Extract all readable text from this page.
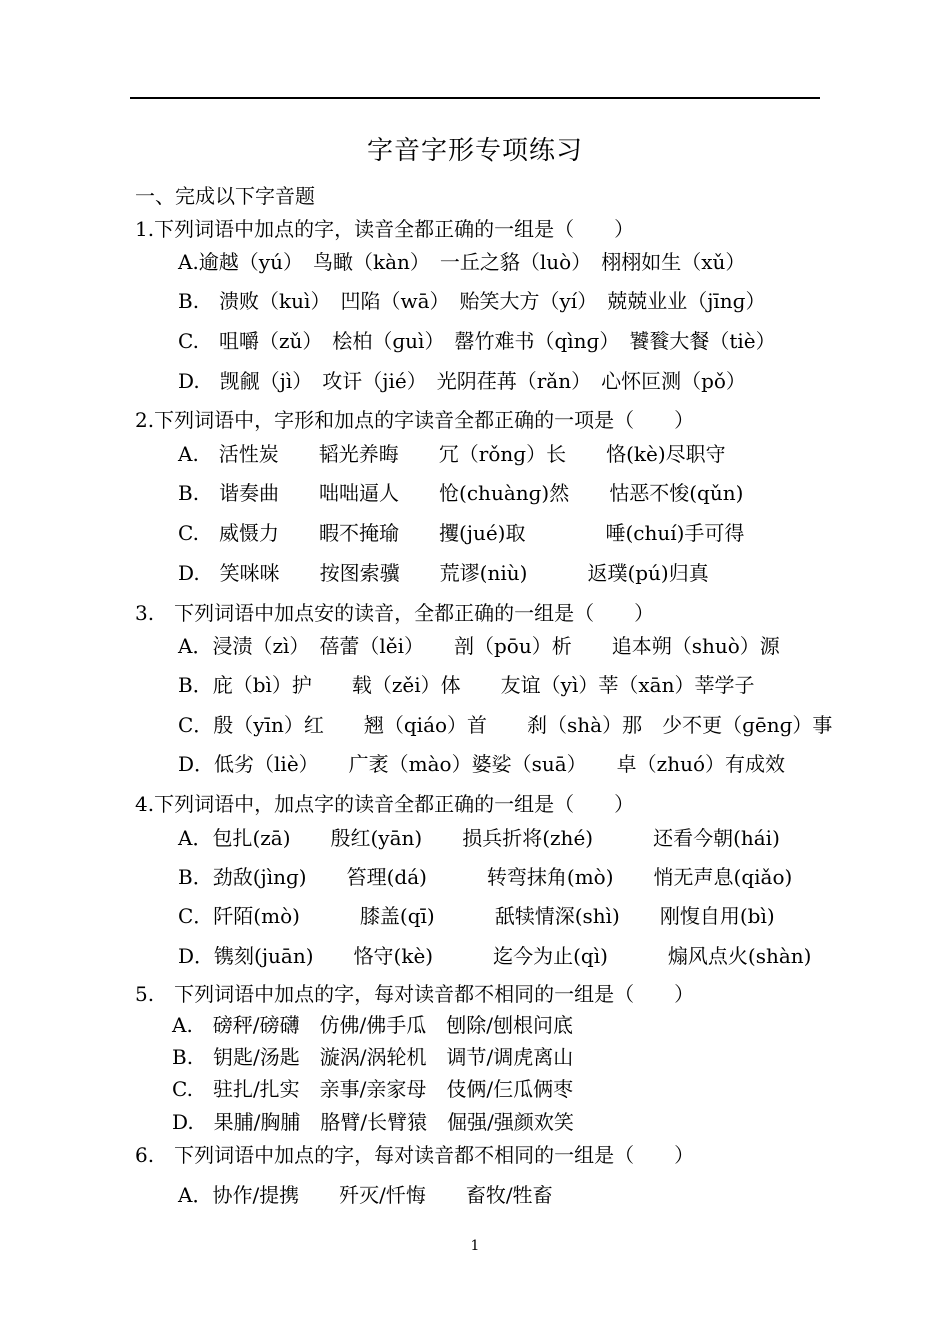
字音字形专项练习
一、完成以下字音题
1.下列词语中加点的字，读音全都正确的一组是（　　）
A.逾越（yú）　鸟瞰（kàn）　一丘之貉（luò）　栩栩如生（xǔ）
B.　溃败（kuì）　凹陷（wā）　贻笑大方（yí）　兢兢业业（jīnɡ）
C.　咀嚼（zǔ）　桧柏（ɡuì）　罄竹难书（qìnɡ）　饕餮大餐（tiè）
D.　觊觎（jì）　攻讦（jié）　光阴荏苒（rǎn）　心怀叵测（pǒ）
2.下列词语中，字形和加点的字读音全都正确的一项是（　　）
A.　活性炭　　韬光养晦　　冗（rǒnɡ）长　　恪(kè)尽职守
B.　谐奏曲　　咄咄逼人　　怆(chuànɡ)然　　怙恶不悛(qǔn)
C.　威慑力　　暇不掩瑜　　攫(jué)取　　　　唾(chuí)手可得
D.　笑咪咪　　按图索骥　　荒谬(niù)　　　返璞(pú)归真
3.　下列词语中加点安的读音，全都正确的一组是（　　）
A．浸渍（zì）　蓓蕾（lěi）　　剖（pōu）析　　追本朔（shuò）源
B．庇（bì）护　　载（zěi）体　　友谊（yì）莘（xān）莘学子
C．殷（yīn）红　　翘（qiáo）首　　刹（shà）那　少不更（ɡēnɡ）事
D．低劣（liè）　　广袤（mào）婆娑（suā）　　卓（zhuó）有成效
4.下列词语中，加点字的读音全都正确的一组是（　　）
A．包扎(zā)　　殷红(yān)　　损兵折将(zhé)　　　还看今朝(hái)
B．劲敌(jìnɡ)　　笞理(dá)　　　转弯抹角(mò)　　悄无声息(qiǎo)
C．阡陌(mò)　　　膝盖(qī)　　　舐犊情深(shì)　　刚愎自用(bì)
D．镌刻(juān)　　恪守(kè)　　　迄今为止(qì)　　　煽风点火(shàn)
5.　下列词语中加点的字，每对读音都不相同的一组是（　　）
A.　磅秤/磅礴　仿佛/佛手瓜　刨除/刨根问底
B.　钥匙/汤匙　漩涡/涡轮机　调节/调虎离山
C.　驻扎/扎实　亲事/亲家母　伎俩/仨瓜俩枣
D.　果脯/胸脯　胳臂/长臂猿　倔强/强颜欢笑
6.　下列词语中加点的字，每对读音都不相同的一组是（　　）
A．协作/提携　　歼灭/忏悔　　畜牧/牲畜
1
